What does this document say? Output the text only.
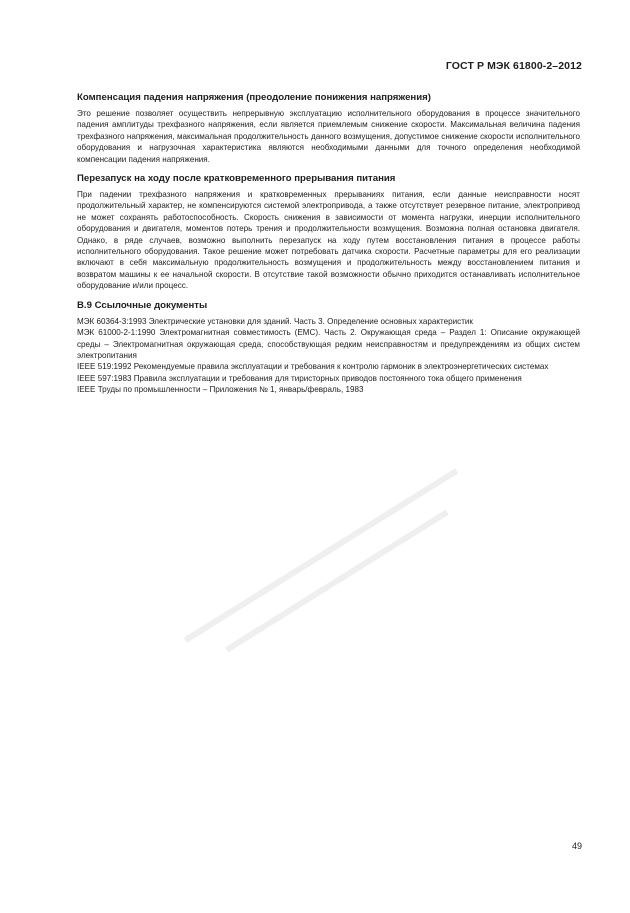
ГОСТ Р МЭК 61800-2–2012

Компенсация падения напряжения (преодоление понижения напряжения)

Это решение позволяет осуществить непрерывную эксплуатацию исполнительного оборудования в процессе значительного падения амплитуды трехфазного напряжения, если является приемлемым снижение скорости. Максимальная величина падения трехфазного напряжения, максимальная продолжительность данного возмущения, допустимое снижение скорости исполнительного оборудования и нагрузочная характеристика являются необходимыми данными для точного определения необходимой компенсации падения напряжения.

Перезапуск на ходу после кратковременного прерывания питания

При падении трехфазного напряжения и кратковременных прерываниях питания, если данные неисправности носят продолжительный характер, не компенсируются системой электропривода, а также отсутствует резервное питание, электропривод не может сохранять работоспособность. Скорость снижения в зависимости от момента нагрузки, инерции исполнительного оборудования и двигателя, моментов потерь трения и продолжительности возмущения. Возможна полная остановка двигателя. Однако, в ряде случаев, возможно выполнить перезапуск на ходу путем восстановления питания в процессе работы исполнительного оборудования. Такое решение может потребовать датчика скорости. Расчетные параметры для его реализации включают в себя максимальную продолжительность возмущения и продолжительность между восстановлением питания и возвратом машины к ее начальной скорости. В отсутствие такой возможности обычно приходится останавливать исполнительное оборудование и/или процесс.

В.9 Ссылочные документы

МЭК 60364-3:1993 Электрические установки для зданий. Часть 3. Определение основных характеристик

МЭК 61000-2-1:1990 Электромагнитная совместимость (ЕМС). Часть 2. Окружающая среда – Раздел 1: Описание окружающей среды – Электромагнитная окружающая среда, способствующая редким неисправностям и предупреждениям из общих систем электропитания

IEEE 519:1992 Рекомендуемые правила эксплуатации и требования к контролю гармоник в электроэнергетических системах

IEEE 597:1983 Правила эксплуатации и требования для тиристорных приводов постоянного тока общего применения

IEEE Труды по промышленности – Приложения № 1, январь/февраль, 1983

49
